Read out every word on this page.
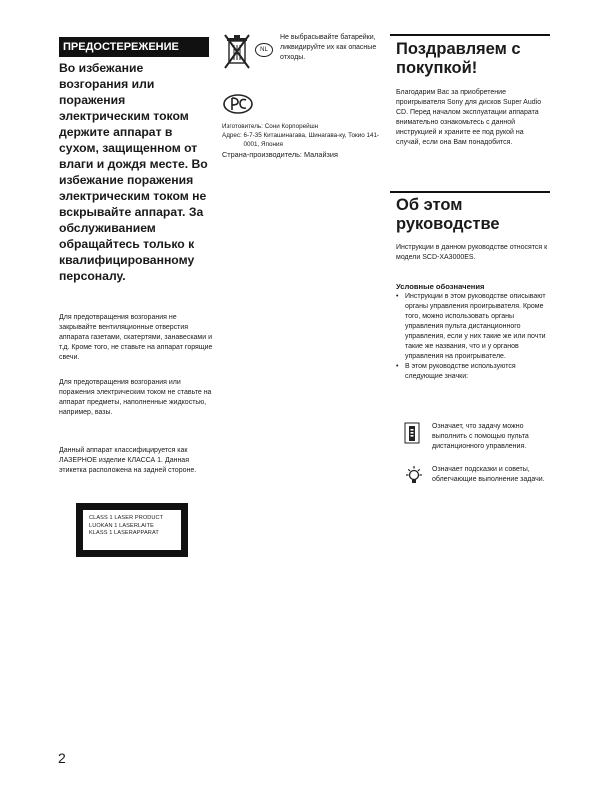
ПРЕДОСТЕРЕЖЕНИЕ

Во избежание возгорания или поражения электрическим током держите аппарат в сухом, защищенном от влаги и дождя месте. Во избежание поражения электрическим током не вскрывайте аппарат. За обслуживанием обращайтесь только к квалифицированному персоналу.

Для предотвращения возгорания не закрывайте вентиляционные отверстия аппарата газетами, скатертями, занавесками и т.д. Кроме того, не ставьте на аппарат горящие свечи.

Для предотвращения возгорания или поражения электрическим током не ставьте на аппарат предметы, наполненные жидкостью, например, вазы.

Данный аппарат классифицируется как ЛАЗЕРНОЕ изделие КЛАССА 1. Данная этикетка расположена на задней стороне.

CLASS 1 LASER PRODUCT
LUOKAN 1 LASERLAITE
KLASS 1 LASERAPPARAT
NL

Не выбрасывайте батарейки, ликвидируйте их как опасные отходы.

Изготовитель: Сони Корпорейшн
Адрес: 6-7-35 Киташинагава, Шинагава-ку, Токио 141-0001, Япония
Страна-производитель: Малайзия
Поздравляем с покупкой!

Благодарим Вас за приобретение проигрывателя Sony для дисков Super Audio CD. Перед началом эксплуатации аппарата внимательно ознакомьтесь с данной инструкцией и храните ее под рукой на случай, если она Вам понадобится.

Об этом руководстве

Инструкции в данном руководстве относятся к модели SCD-XA3000ES.

Условные обозначения

• Инструкции в этом руководстве описывают органы управления проигрывателя. Кроме того, можно использовать органы управления пульта дистанционного управления, если у них такие же или почти такие же названия, что и у органов управления на проигрывателе.
• В этом руководстве используются следующие значки:

Означает, что задачу можно выполнить с помощью пульта дистанционного управления.

Означает подсказки и советы, облегчающие выполнение задачи.

2
